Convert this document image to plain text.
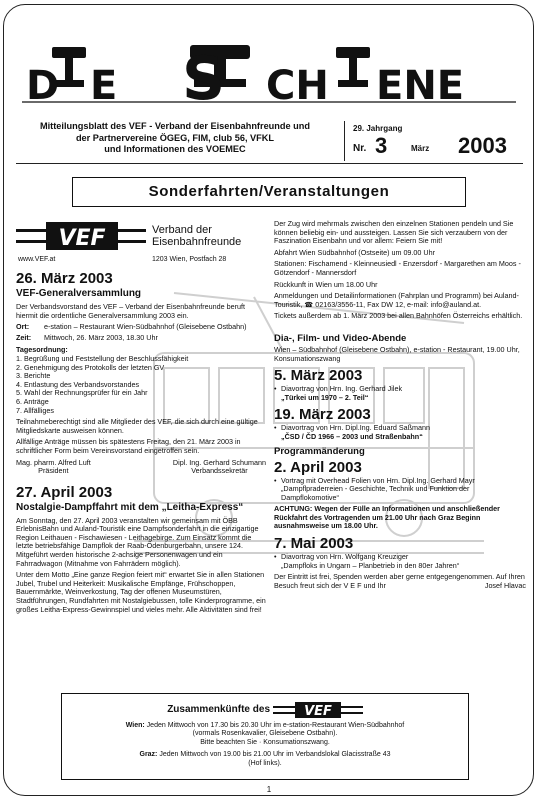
D E S CH ENE
Mitteilungsblatt des VEF - Verband der Eisenbahnfreunde und
der Partnervereine ÖGEG, FIM, club 56, VFKL
und Informationen des VOEMEC
29. Jahrgang
Nr. 3	März 2003
Sonderfahrten/Veranstaltungen
VEF	Verband der Eisenbahnfreunde
www.VEF.at	1203 Wien, Postfach 28
26. März 2003
VEF-Generalversammlung

Der Verbandsvorstand des VEF – Verband der Eisenbahnfreunde beruft hiermit die ordentliche Generalversammlung 2003 ein.

Ort:	e-station – Restaurant Wien-Südbahnhof (Gleisebene Ostbahn)
Zeit:	Mittwoch, 26. März 2003, 18.30 Uhr
Tagesordnung:
1. Begrüßung und Feststellung der Beschlussfähigkeit
2. Genehmigung des Protokolls der letzten GV
3. Berichte
4. Entlastung des Verbandsvorstandes
5. Wahl der Rechnungsprüfer für ein Jahr
6. Anträge
7. Allfälliges

Teilnahmeberechtigt sind alle Mitglieder des VEF, die sich durch eine gültige Mitgliedskarte ausweisen können.

Allfällige Anträge müssen bis spätestens Freitag, den 21. März 2003 in schriftlicher Form beim Vereinsvorstand eingetroffen sein.

Mag. pharm. Alfred Luft
Präsident
Dipl. Ing. Gerhard Schumann
Verbandssekretär
27. April 2003
Nostalgie-Dampffahrt mit dem „Leitha-Express“

Am Sonntag, den 27. April 2003 veranstalten wir gemeinsam mit ÖBB ErlebnisBahn und Auland-Touristik eine Dampfsonderfahrt in die einzigartige Region Leithauen - Fischawiesen - Leithagebirge. Zum Einsatz kommt die letzte betriebsfähige Dampflok der Raab-Ödenburgerbahn, unsere 124. Mitgeführt werden historische 2-achsige Personenwagen und ein Fahrradwagon (Mitnahme von Fahrrädern möglich).

Unter dem Motto „Eine ganze Region feiert mit“ erwartet Sie in allen Stationen Jubel, Trubel und Heiterkeit: Musikalische Empfänge, Frühschoppen, Bauernmärkte, Weinverkostung, Tag der offenen Museumstüren, Stadtführungen, Rundfahrten mit Nostalgiebussen, tolle Kinderprogramme, ein großes Leitha-Express-Gewinnspiel und vieles mehr. Alle Aktivitäten sind frei!

Der Zug wird mehrmals zwischen den einzelnen Stationen pendeln und Sie können beliebig ein- und aussteigen. Lassen Sie sich verzaubern von der Faszination Eisenbahn und vor allem: Feiern Sie mit!

Abfahrt Wien Südbahnhof (Ostseite) um 09.00 Uhr

Stationen: Fischamend - Kleinneusiedl - Enzersdorf - Margarethen am Moos - Götzendorf - Mannersdorf

Rückkunft in Wien um 18.00 Uhr

Anmeldungen und Detailinformationen (Fahrplan und Programm) bei Auland-Touristik, ☎ 02163/3556-11, Fax DW 12, e-mail: info@auland.at.

Tickets außerdem ab 1. März 2003 bei allen Bahnhöfen Österreichs erhältlich.

Dia-, Film- und Video-Abende

Wien – Südbahnhof (Gleisebene Ostbahn), e-station - Restaurant, 19.00 Uhr, Konsumationszwang

5. März 2003
• Diavortrag von Hrn. Ing. Gerhard Jilek
„Türkei um 1970 – 2. Teil“
19. März 2003
• Diavortrag von Hrn. Dipl.Ing. Eduard Saßmann
„ČSD / ČD 1966 – 2003 und Straßenbahn“
Programmänderung
2. April 2003

• Vortrag mit Overhead Folien von Hrn. Dipl.Ing. Gerhard Mayr „Dampflpraderreien - Geschichte, Technik und Funktion der Dampflokomotive“

ACHTUNG: Wegen der Fülle an Informationen und anschließender Rückfahrt des Vortragenden um 21.00 Uhr nach Graz Beginn ausnahmsweise um 18.00 Uhr.

7. Mai 2003
• Diavortrag von Hrn. Wolfgang Kreuziger

„Dampfloks in Ungarn – Planbetrieb in den 80er Jahren“

Der Eintritt ist frei, Spenden werden aber gerne entgegengenommen. Auf Ihren Besuch freut sich der V E F und Ihr	Josef Hlavac

Zusammenkünfte des	VEF
Wien: Jeden Mittwoch von 17.30 bis 20.30 Uhr im e-station-Restaurant Wien-Südbahnhof
(vormals Rosenkavalier, Gleisebene Ostbahn).
Bitte beachten Sie · Konsumationszwang.
Graz: Jeden Mittwoch von 19.00 bis 21.00 Uhr im Verbandslokal Glacisstraße 43
(Hof links).
1
